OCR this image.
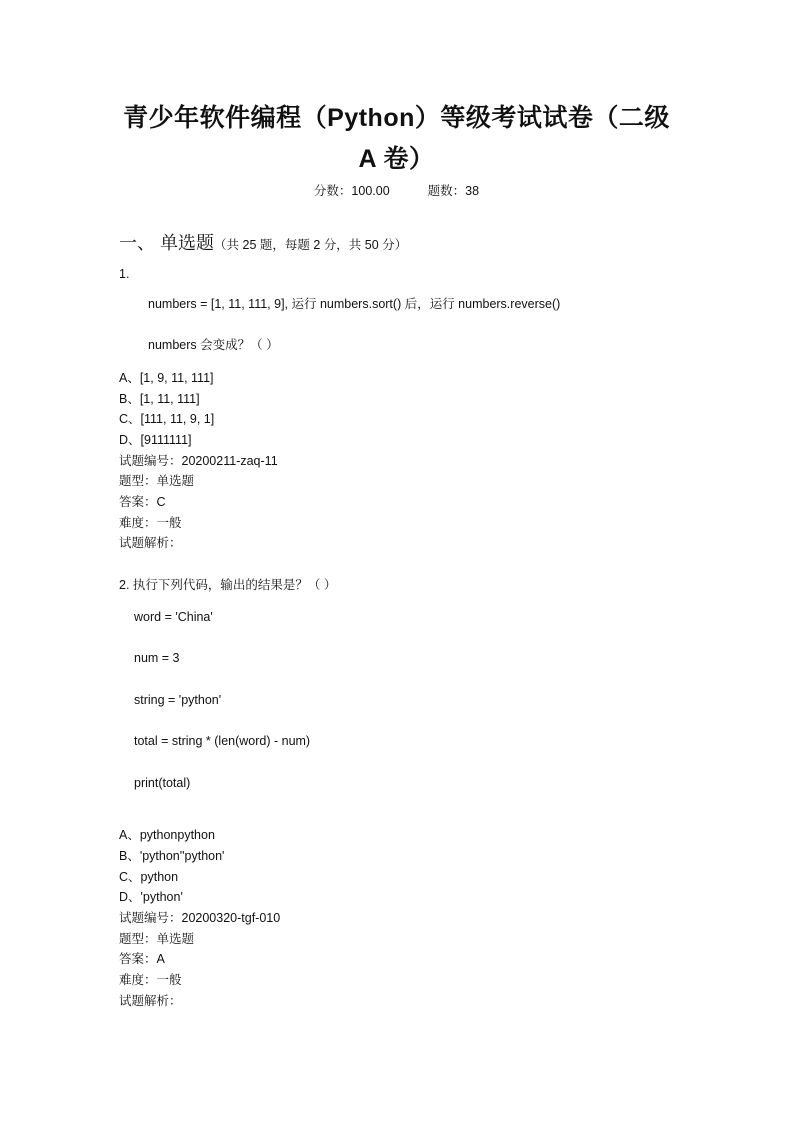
青少年软件编程（Python）等级考试试卷（二级
A 卷）
分数：100.00	题数：38
一、 单选题（共 25 题，每题 2 分，共 50 分）
1.
numbers = [1, 11, 111, 9], 运行 numbers.sort() 后，运行 numbers.reverse()
numbers 会变成？（ ）
A、[1, 9, 11, 111]
B、[1, 11, 111]
C、[111, 11, 9, 1]
D、[9111111]
试题编号：20200211-zaq-11
题型：单选题
答案：C
难度：一般
试题解析：
2. 执行下列代码，输出的结果是？（ ）
word = 'China'
num = 3
string = 'python'
total = string * (len(word) - num)
print(total)
A、pythonpython
B、'python''python'
C、python
D、'python'
试题编号：20200320-tgf-010
题型：单选题
答案：A
难度：一般
试题解析：
